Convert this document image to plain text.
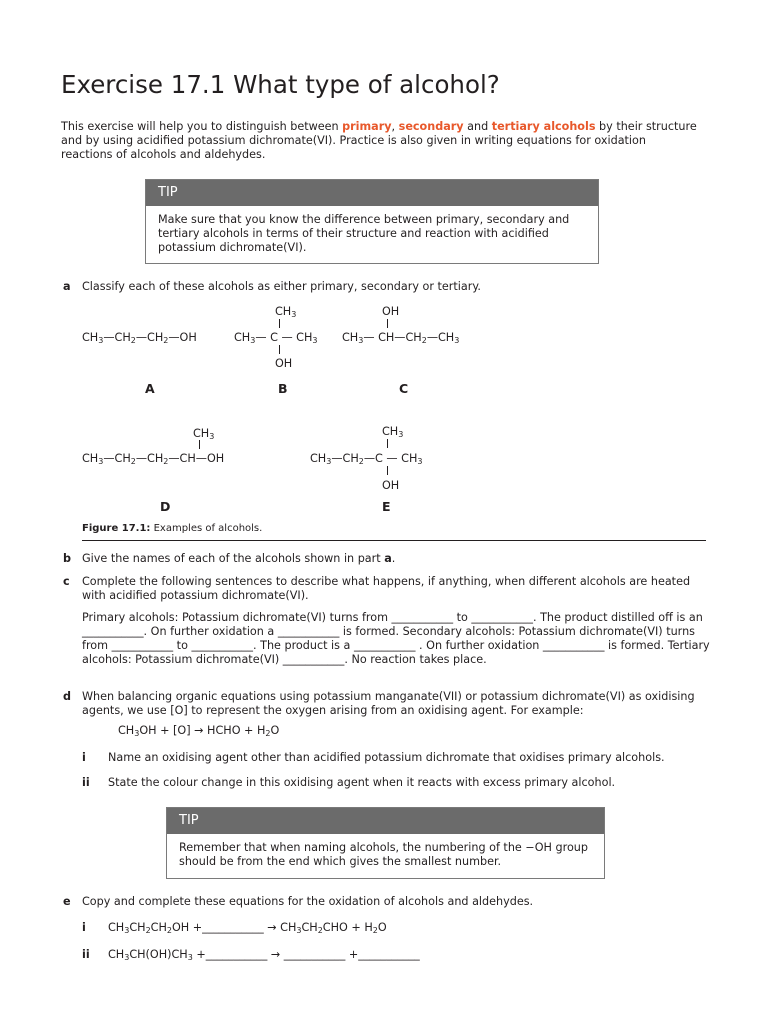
Exercise 17.1 What type of alcohol?
This exercise will help you to distinguish between primary, secondary and tertiary alcohols by their structure and by using acidified potassium dichromate(VI). Practice is also given in writing equations for oxidation reactions of alcohols and aldehydes.
TIP
Make sure that you know the difference between primary, secondary and tertiary alcohols in terms of their structure and reaction with acidified potassium dichromate(VI).
a Classify each of these alcohols as either primary, secondary or tertiary.
$CH_3—CH_2—CH_2—OH$
A
$CH_3$
$CH_3—$ C — $CH_3$
OH
B
OH
$CH_3—$ $CH—CH_2—CH_3$
C
$CH_3$
$CH_3—CH_2—CH_2—CH—OH$
D
$CH_3$
$CH_3—CH_2—C$ — $CH_3$
OH
E
Figure 17.1: Examples of alcohols.
b Give the names of each of the alcohols shown in part a.
c Complete the following sentences to describe what happens, if anything, when different alcohols are heated with acidified potassium dichromate(VI).
Primary alcohols: Potassium dichromate(VI) turns from ___________ to ___________. The product distilled off is an ___________. On further oxidation a ___________ is formed. Secondary alcohols: Potassium dichromate(VI) turns from ___________ to ___________. The product is a ___________ . On further oxidation ___________ is formed. Tertiary alcohols: Potassium dichromate(VI) ___________. No reaction takes place.
d When balancing organic equations using potassium manganate(VII) or potassium dichromate(VI) as oxidising agents, we use [O] to represent the oxygen arising from an oxidising agent. For example:
$CH_3OH + [O]$ → HCHO + $H_2O$
i Name an oxidising agent other than acidified potassium dichromate that oxidises primary alcohols.
ii State the colour change in this oxidising agent when it reacts with excess primary alcohol.
TIP
Remember that when naming alcohols, the numbering of the −OH group should be from the end which gives the smallest number.
e Copy and complete these equations for the oxidation of alcohols and aldehydes.
i $CH_3CH_2CH_2OH$ +___________ → $CH_3CH_2CHO + H_2O$
ii $CH_3CH(OH)CH_3$ +___________ → ___________ +___________
